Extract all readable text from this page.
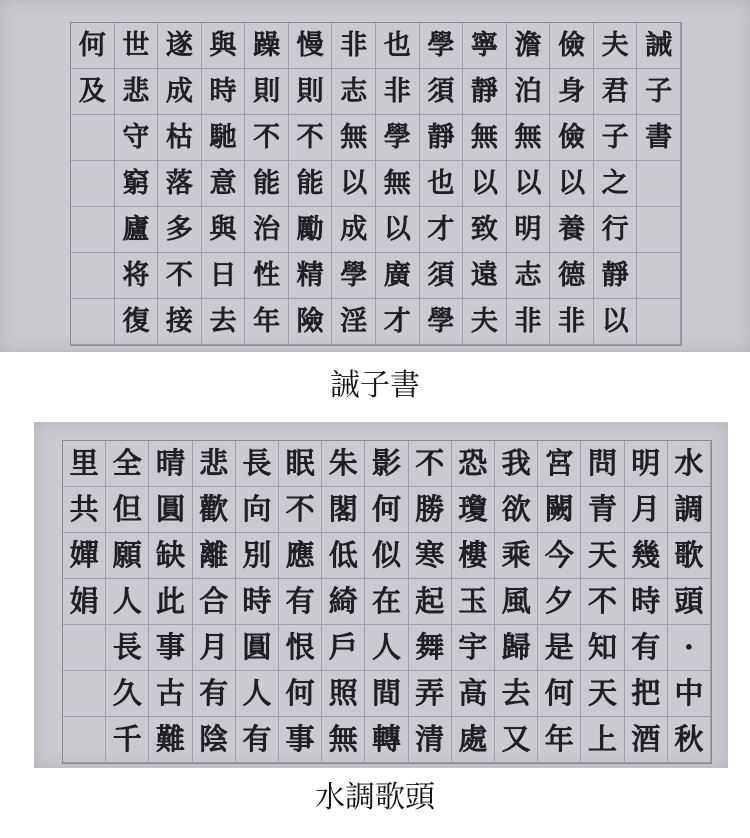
何 世 遂 與 躁 慢 非 也 學 寧 澹 儉 夫 誡
及 悲 成 時 則 則 志 非 須 靜 泊 身 君 子
守 枯 馳 不 不 無 學 靜 無 無 儉 子 書
窮 落 意 能 能 以 無 也 以 以 以 之
廬 多 與 治 勵 成 以 才 致 明 養 行
将 不 日 性 精 學 廣 須 遠 志 德 靜
復 接 去 年 險 淫 才 學 夫 非 非 以
誡子書
里 全 晴 悲 長 眠 朱 影 不 恐 我 宮 問 明 水
共 但 圓 歡 向 不 閣 何 勝 瓊 欲 闕 青 月 調
嬋 願 缺 離 別 應 低 似 寒 樓 乘 今 天 幾 歌
娟 人 此 合 時 有 綺 在 起 玉 風 夕 不 時 頭
長 事 月 圓 恨 戶 人 舞 宇 歸 是 知 有 ·
久 古 有 人 何 照 間 弄 高 去 何 天 把 中
千 難 陰 有 事 無 轉 清 處 又 年 上 酒 秋
水調歌頭
